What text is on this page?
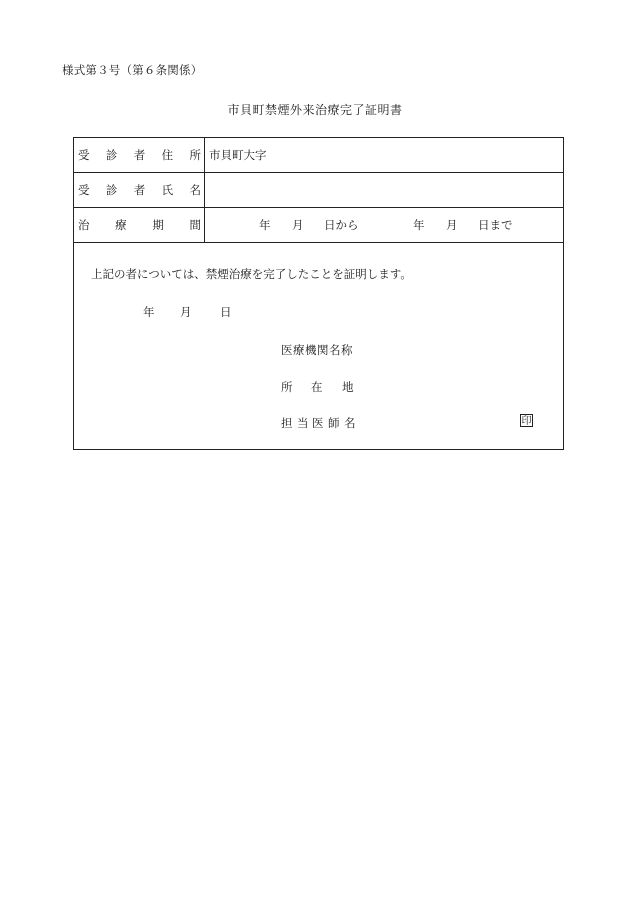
様式第３号（第６条関係）
市貝町禁煙外来治療完了証明書
受 診 者 住 所 市貝町大字
受 診 者 氏 名
治 療 期 間	年 月 日から	年 月 日まで
上記の者については、禁煙治療を完了したことを証明します。
年 月 日
医療機関名称
所 在 地
担 当 医 師 名	印
